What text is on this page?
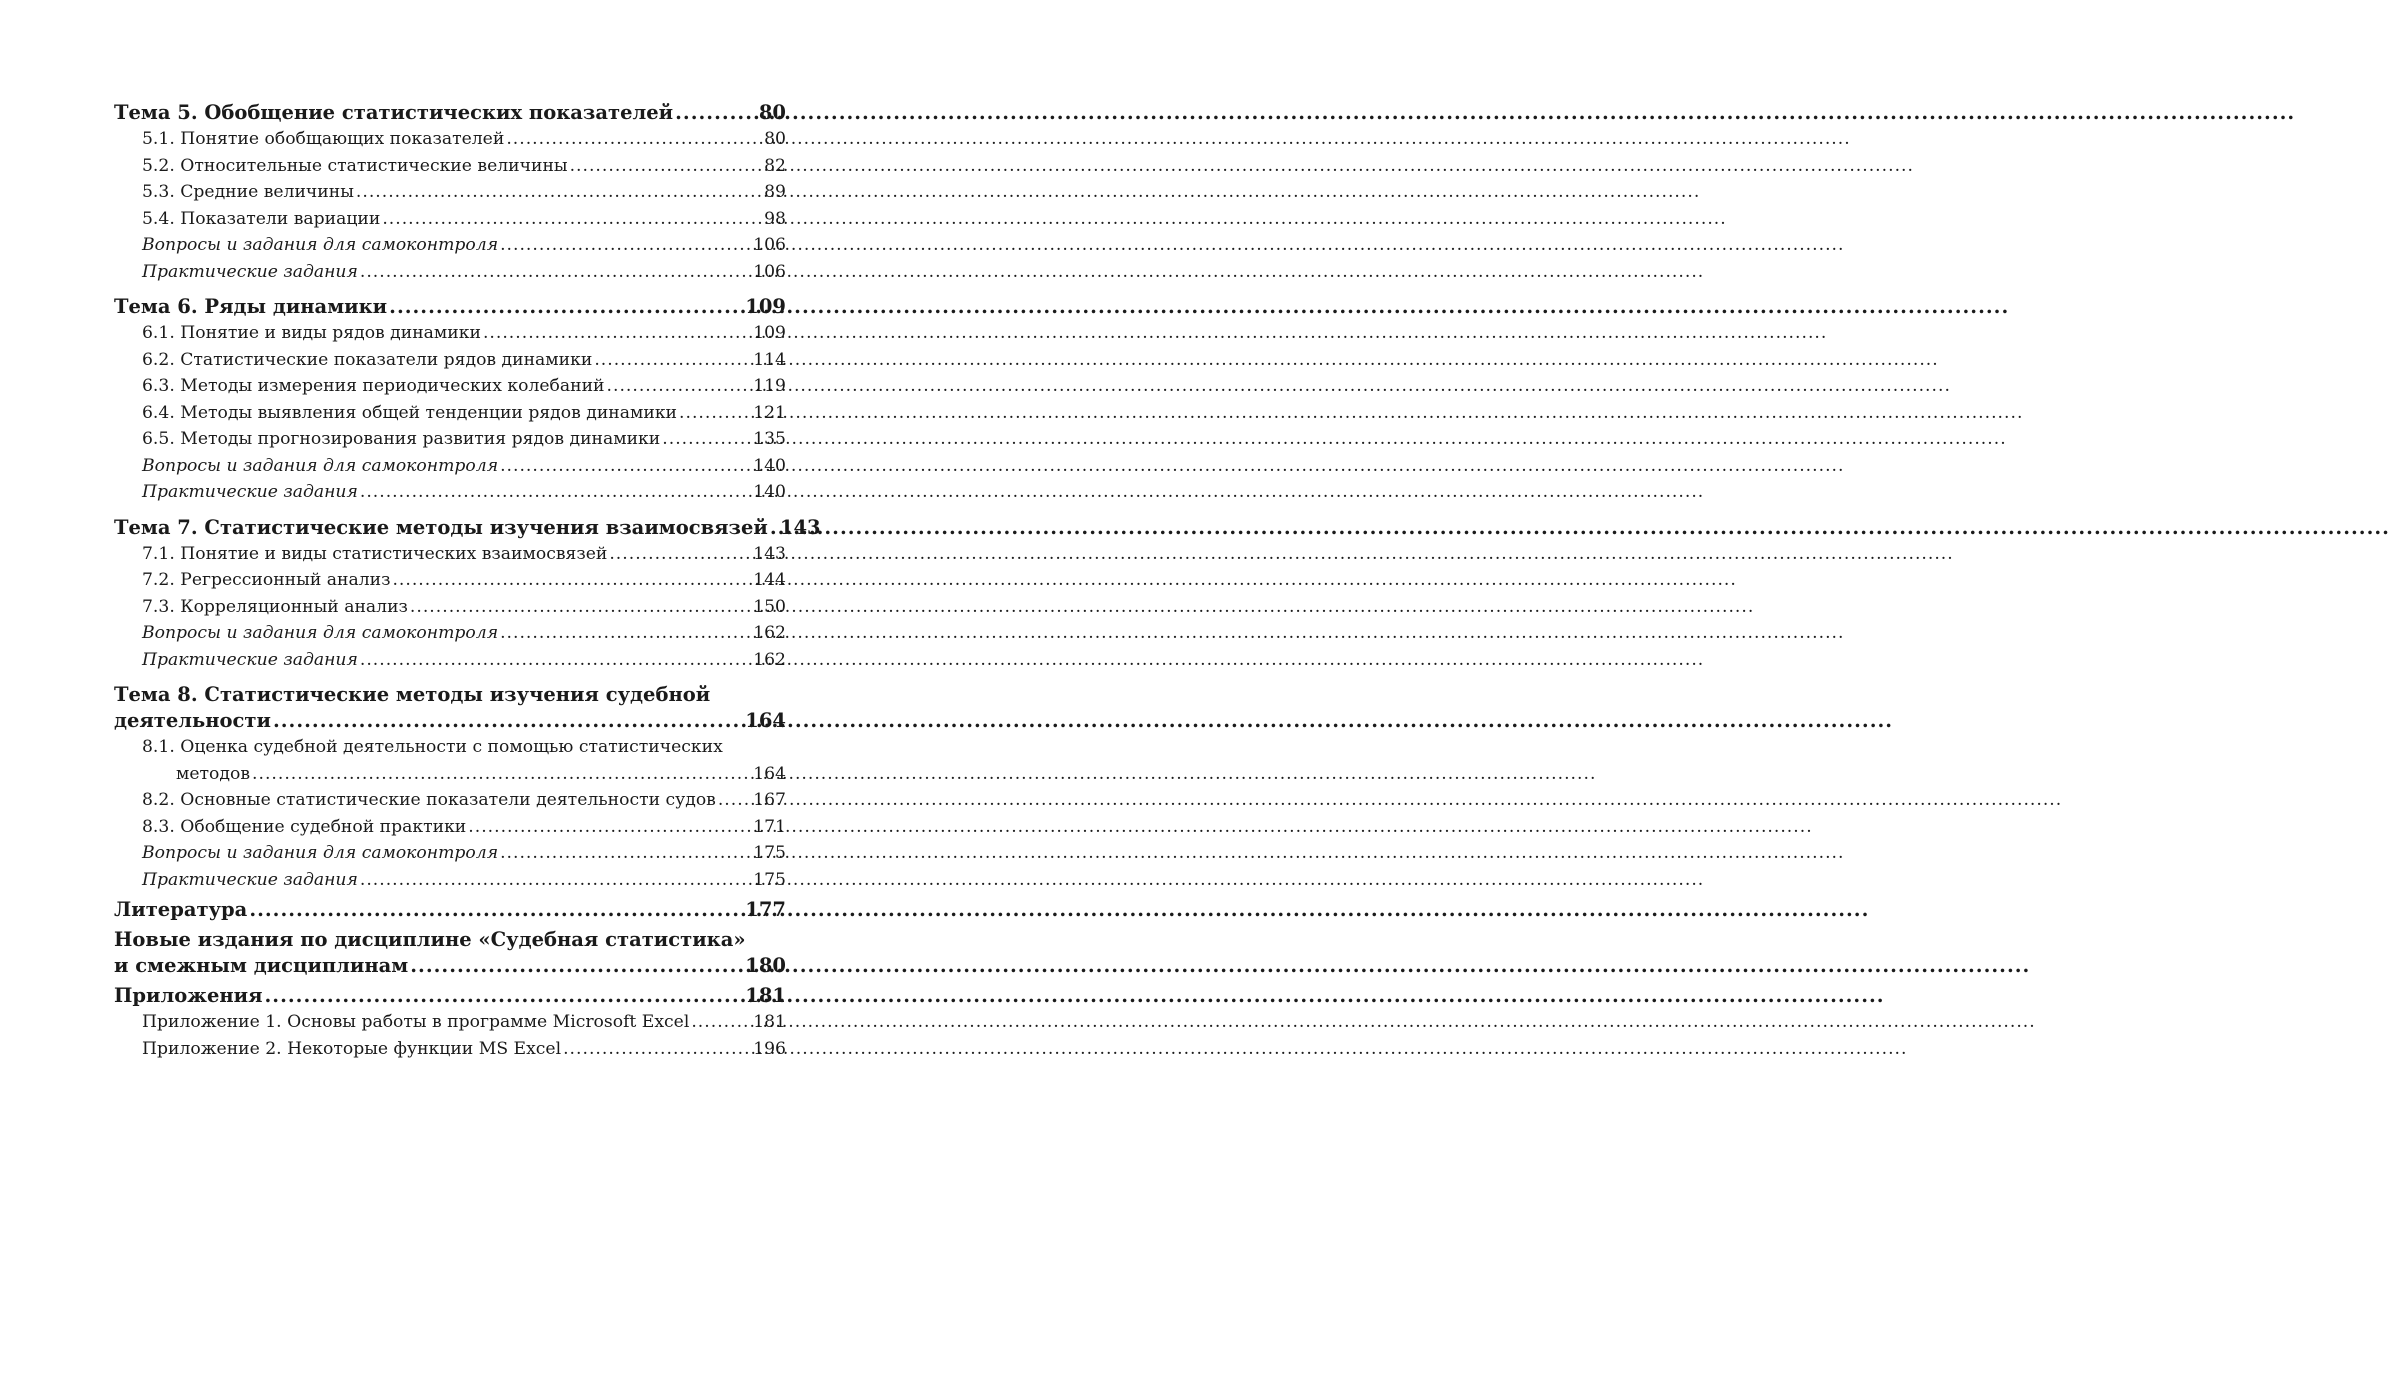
Тема 5. Обобщение статистических показателей .....	80
5.1. Понятие обобщающих показателей .....	80
5.2. Относительные статистические величины .....	82
5.3. Средние величины .....	89
5.4. Показатели вариации .....	98
Вопросы и задания для самоконтроля .....	106
Практические задания .....	106
Тема 6. Ряды динамики .....	109
6.1. Понятие и виды рядов динамики .....	109
6.2. Статистические показатели рядов динамики .....	114
6.3. Методы измерения периодических колебаний .....	119
6.4. Методы выявления общей тенденции рядов динамики .....	121
6.5. Методы прогнозирования развития рядов динамики .....	135
Вопросы и задания для самоконтроля .....	140
Практические задания .....	140
Тема 7. Статистические методы изучения взаимосвязей ..... 143
7.1. Понятие и виды статистических взаимосвязей .....	143
7.2. Регрессионный анализ .....	144
7.3. Корреляционный анализ .....	150
Вопросы и задания для самоконтроля .....	162
Практические задания .....	162
Тема 8. Статистические методы изучения судебной
деятельности .....	164
8.1. Оценка судебной деятельности с помощью статистических
методов .....	164
8.2. Основные статистические показатели деятельности судов ..... 167
8.3. Обобщение судебной практики .....	171
Вопросы и задания для самоконтроля .....	175
Практические задания .....	175
Литература .....	177
Новые издания по дисциплине «Судебная статистика»
и смежным дисциплинам .....	180
Приложения .....	181
Приложение 1. Основы работы в программе Microsoft Excel .....	181
Приложение 2. Некоторые функции MS Excel .....	196
